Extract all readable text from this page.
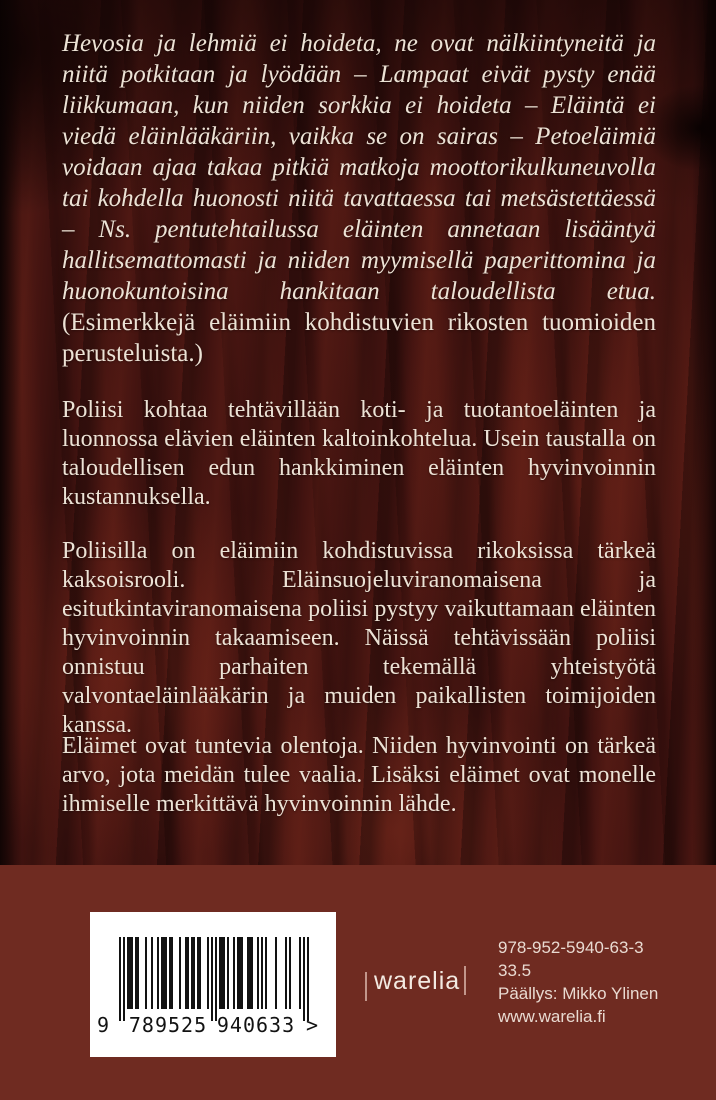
Hevosia ja lehmiä ei hoideta, ne ovat nälkiintyneitä ja niitä potkitaan ja lyödään – Lampaat eivät pysty enää liikkumaan, kun niiden sorkkia ei hoideta – Eläintä ei viedä eläinlääkäriin, vaikka se on sairas – Petoeläimiä voidaan ajaa takaa pitkiä matkoja moottorikulkuneuvolla tai kohdella huonosti niitä tavattaessa tai metsästettäessä – Ns. pentutehtailussa eläinten annetaan lisääntyä hallitsemattomasti ja niiden myymisellä paperittomina ja huonokuntoisina hankitaan taloudellista etua. (Esimerkkejä eläimiin kohdistuvien rikosten tuomioiden perusteluista.)

Poliisi kohtaa tehtävillään koti- ja tuotantoeläinten ja luonnossa elävien eläinten kaltoinkohtelua. Usein taustalla on taloudellisen edun hankkiminen eläinten hyvinvoinnin kustannuksella.

Poliisilla on eläimiin kohdistuvissa rikoksissa tärkeä kaksoisrooli. Eläinsuojeluviranomaisena ja esitutkintaviranomaisena poliisi pystyy vaikuttamaan eläinten hyvinvoinnin takaamiseen. Näissä tehtävissään poliisi onnistuu parhaiten tekemällä yhteistyötä valvontaeläinlääkärin ja muiden paikallisten toimijoiden kanssa.

Eläimet ovat tuntevia olentoja. Niiden hyvinvointi on tärkeä arvo, jota meidän tulee vaalia. Lisäksi eläimet ovat monelle ihmiselle merkittävä hyvinvoinnin lähde.

9 789525 940633 >
warelia
978-952-5940-63-3
33.5
Päällys: Mikko Ylinen
www.warelia.fi
